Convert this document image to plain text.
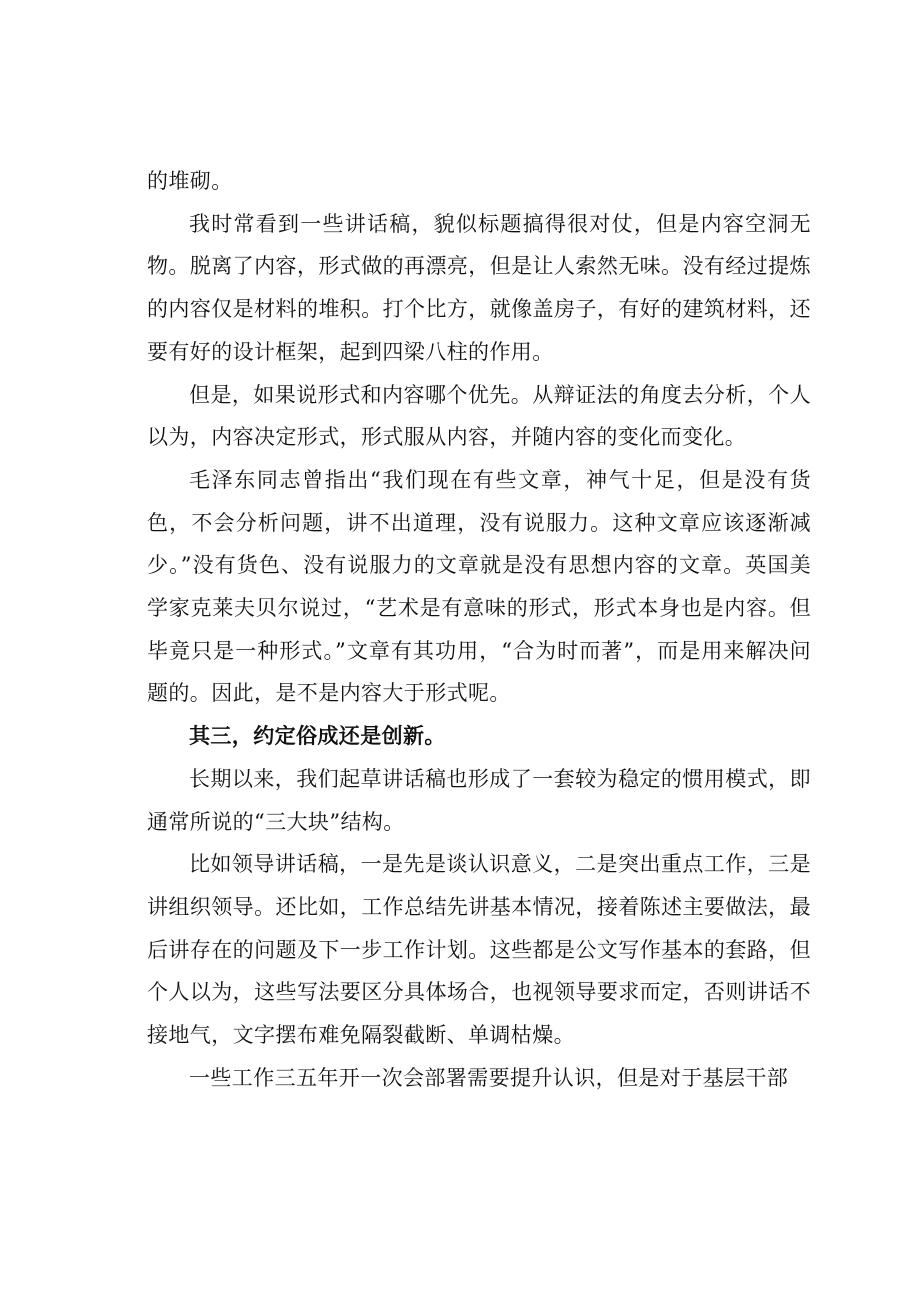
的堆砌。

我时常看到一些讲话稿，貌似标题搞得很对仗，但是内容空洞无物。脱离了内容，形式做的再漂亮，但是让人索然无味。没有经过提炼的内容仅是材料的堆积。打个比方，就像盖房子，有好的建筑材料，还要有好的设计框架，起到四梁八柱的作用。

但是，如果说形式和内容哪个优先。从辩证法的角度去分析，个人以为，内容决定形式，形式服从内容，并随内容的变化而变化。

毛泽东同志曾指出“我们现在有些文章，神气十足，但是没有货色，不会分析问题，讲不出道理，没有说服力。这种文章应该逐渐减少。”没有货色、没有说服力的文章就是没有思想内容的文章。英国美学家克莱夫贝尔说过，“艺术是有意味的形式，形式本身也是内容。但毕竟只是一种形式。”文章有其功用，“合为时而著”，而是用来解决问题的。因此，是不是内容大于形式呢。

其三，约定俗成还是创新。

长期以来，我们起草讲话稿也形成了一套较为稳定的惯用模式，即通常所说的“三大块”结构。

比如领导讲话稿，一是先是谈认识意义，二是突出重点工作，三是讲组织领导。还比如，工作总结先讲基本情况，接着陈述主要做法，最后讲存在的问题及下一步工作计划。这些都是公文写作基本的套路，但个人以为，这些写法要区分具体场合，也视领导要求而定，否则讲话不接地气，文字摆布难免隔裂截断、单调枯燥。

一些工作三五年开一次会部署需要提升认识，但是对于基层干部
